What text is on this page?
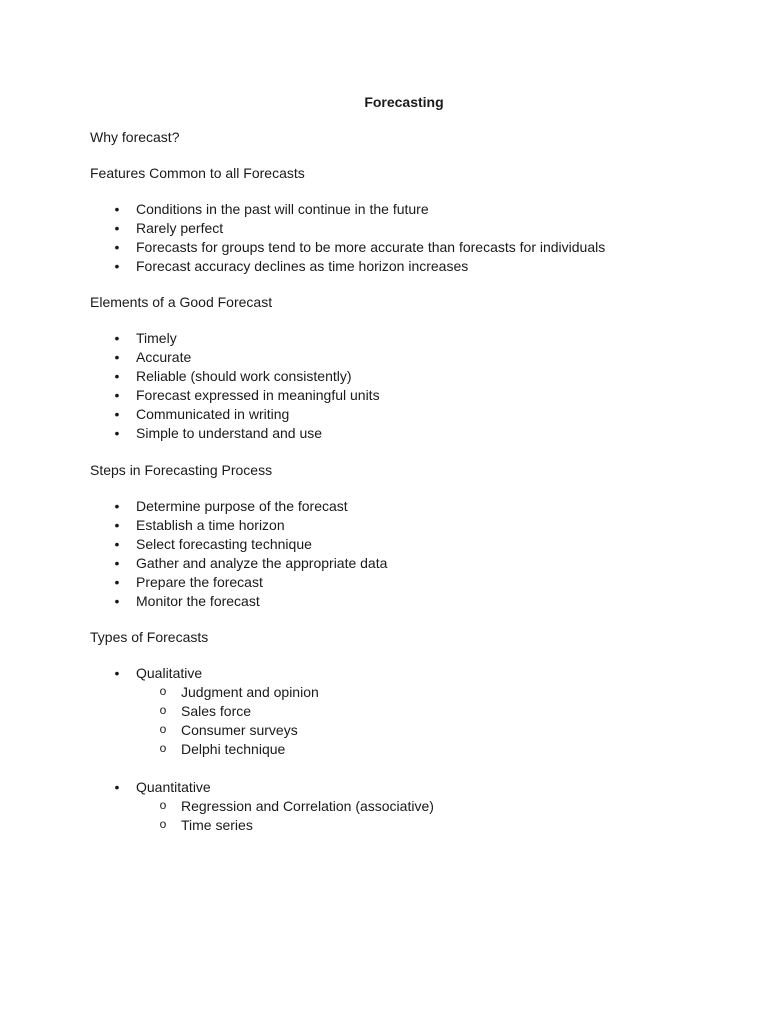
Forecasting

Why forecast?

Features Common to all Forecasts

• Conditions in the past will continue in the future
• Rarely perfect
• Forecasts for groups tend to be more accurate than forecasts for individuals
• Forecast accuracy declines as time horizon increases

Elements of a Good Forecast

• Timely
• Accurate
• Reliable (should work consistently)
• Forecast expressed in meaningful units
• Communicated in writing
• Simple to understand and use

Steps in Forecasting Process

• Determine purpose of the forecast
• Establish a time horizon
• Select forecasting technique
• Gather and analyze the appropriate data
• Prepare the forecast
• Monitor the forecast

Types of Forecasts

• Qualitative
o Judgment and opinion
o Sales force
o Consumer surveys
o Delphi technique
• Quantitative
o Regression and Correlation (associative)
o Time series
